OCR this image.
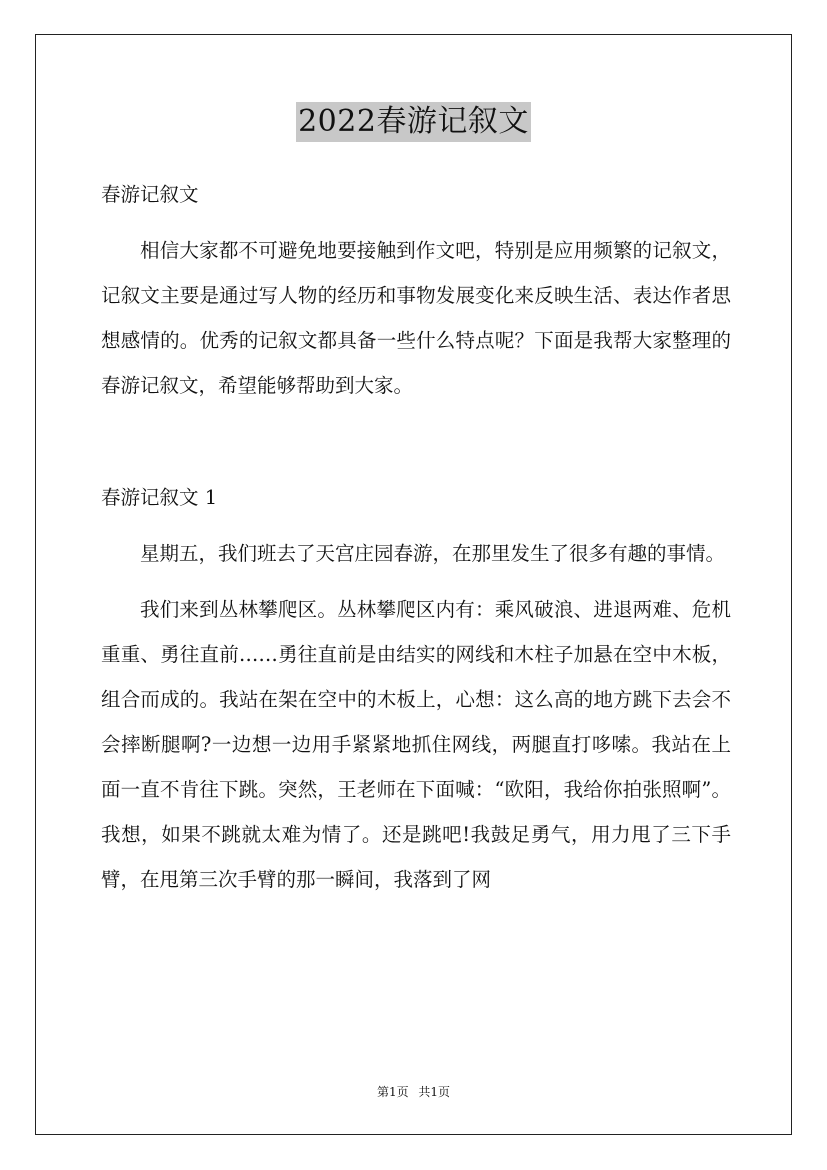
2022春游记叙文
春游记叙文

相信大家都不可避免地要接触到作文吧，特别是应用频繁的记叙文，记叙文主要是通过写人物的经历和事物发展变化来反映生活、表达作者思想感情的。优秀的记叙文都具备一些什么特点呢？下面是我帮大家整理的春游记叙文，希望能够帮助到大家。

春游记叙文 1

星期五，我们班去了天宫庄园春游，在那里发生了很多有趣的事情。

我们来到丛林攀爬区。丛林攀爬区内有：乘风破浪、进退两难、危机重重、勇往直前……勇往直前是由结实的网线和木柱子加悬在空中木板，组合而成的。我站在架在空中的木板上，心想：这么高的地方跳下去会不会摔断腿啊?一边想一边用手紧紧地抓住网线，两腿直打哆嗦。我站在上面一直不肯往下跳。突然，王老师在下面喊：“欧阳，我给你拍张照啊”。我想，如果不跳就太难为情了。还是跳吧!我鼓足勇气，用力甩了三下手臂，在甩第三次手臂的那一瞬间，我落到了网

第1页 共1页
